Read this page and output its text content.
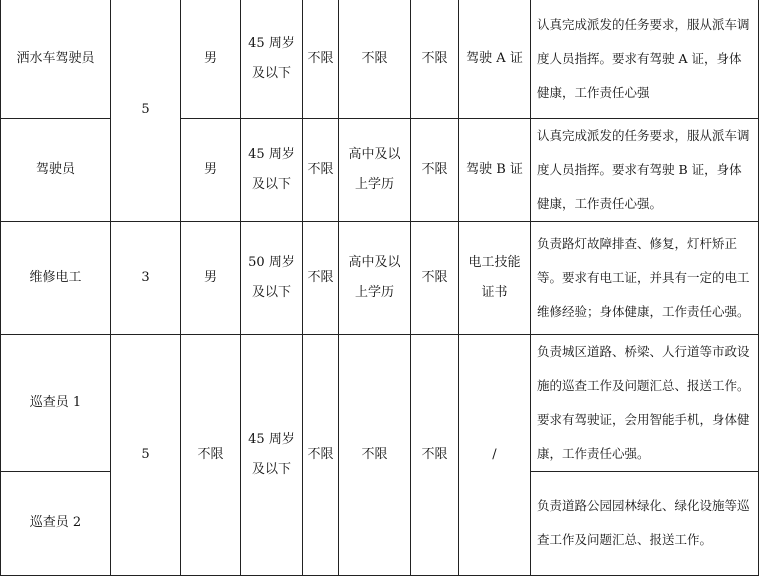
洒水车驾驶员	5	男	45 周岁及以下	不限	不限	不限	驾驶 A 证	认真完成派发的任务要求，服从派车调度人员指挥。要求有驾驶 A 证，身体健康，工作责任心强
驾驶员		男	45 周岁及以下	不限	高中及以上学历	不限	驾驶 B 证	认真完成派发的任务要求，服从派车调度人员指挥。要求有驾驶 B 证，身体健康，工作责任心强。
维修电工	3	男	50 周岁及以下	不限	高中及以上学历	不限	电工技能证书	负责路灯故障排查、修复，灯杆矫正等。要求有电工证，并具有一定的电工维修经验；身体健康，工作责任心强。
巡查员 1	5	不限	45 周岁及以下	不限	不限	不限	/	负责城区道路、桥梁、人行道等市政设施的巡查工作及问题汇总、报送工作。要求有驾驶证，会用智能手机，身体健康，工作责任心强。
巡查员 2								负责道路公园园林绿化、绿化设施等巡查工作及问题汇总、报送工作。
